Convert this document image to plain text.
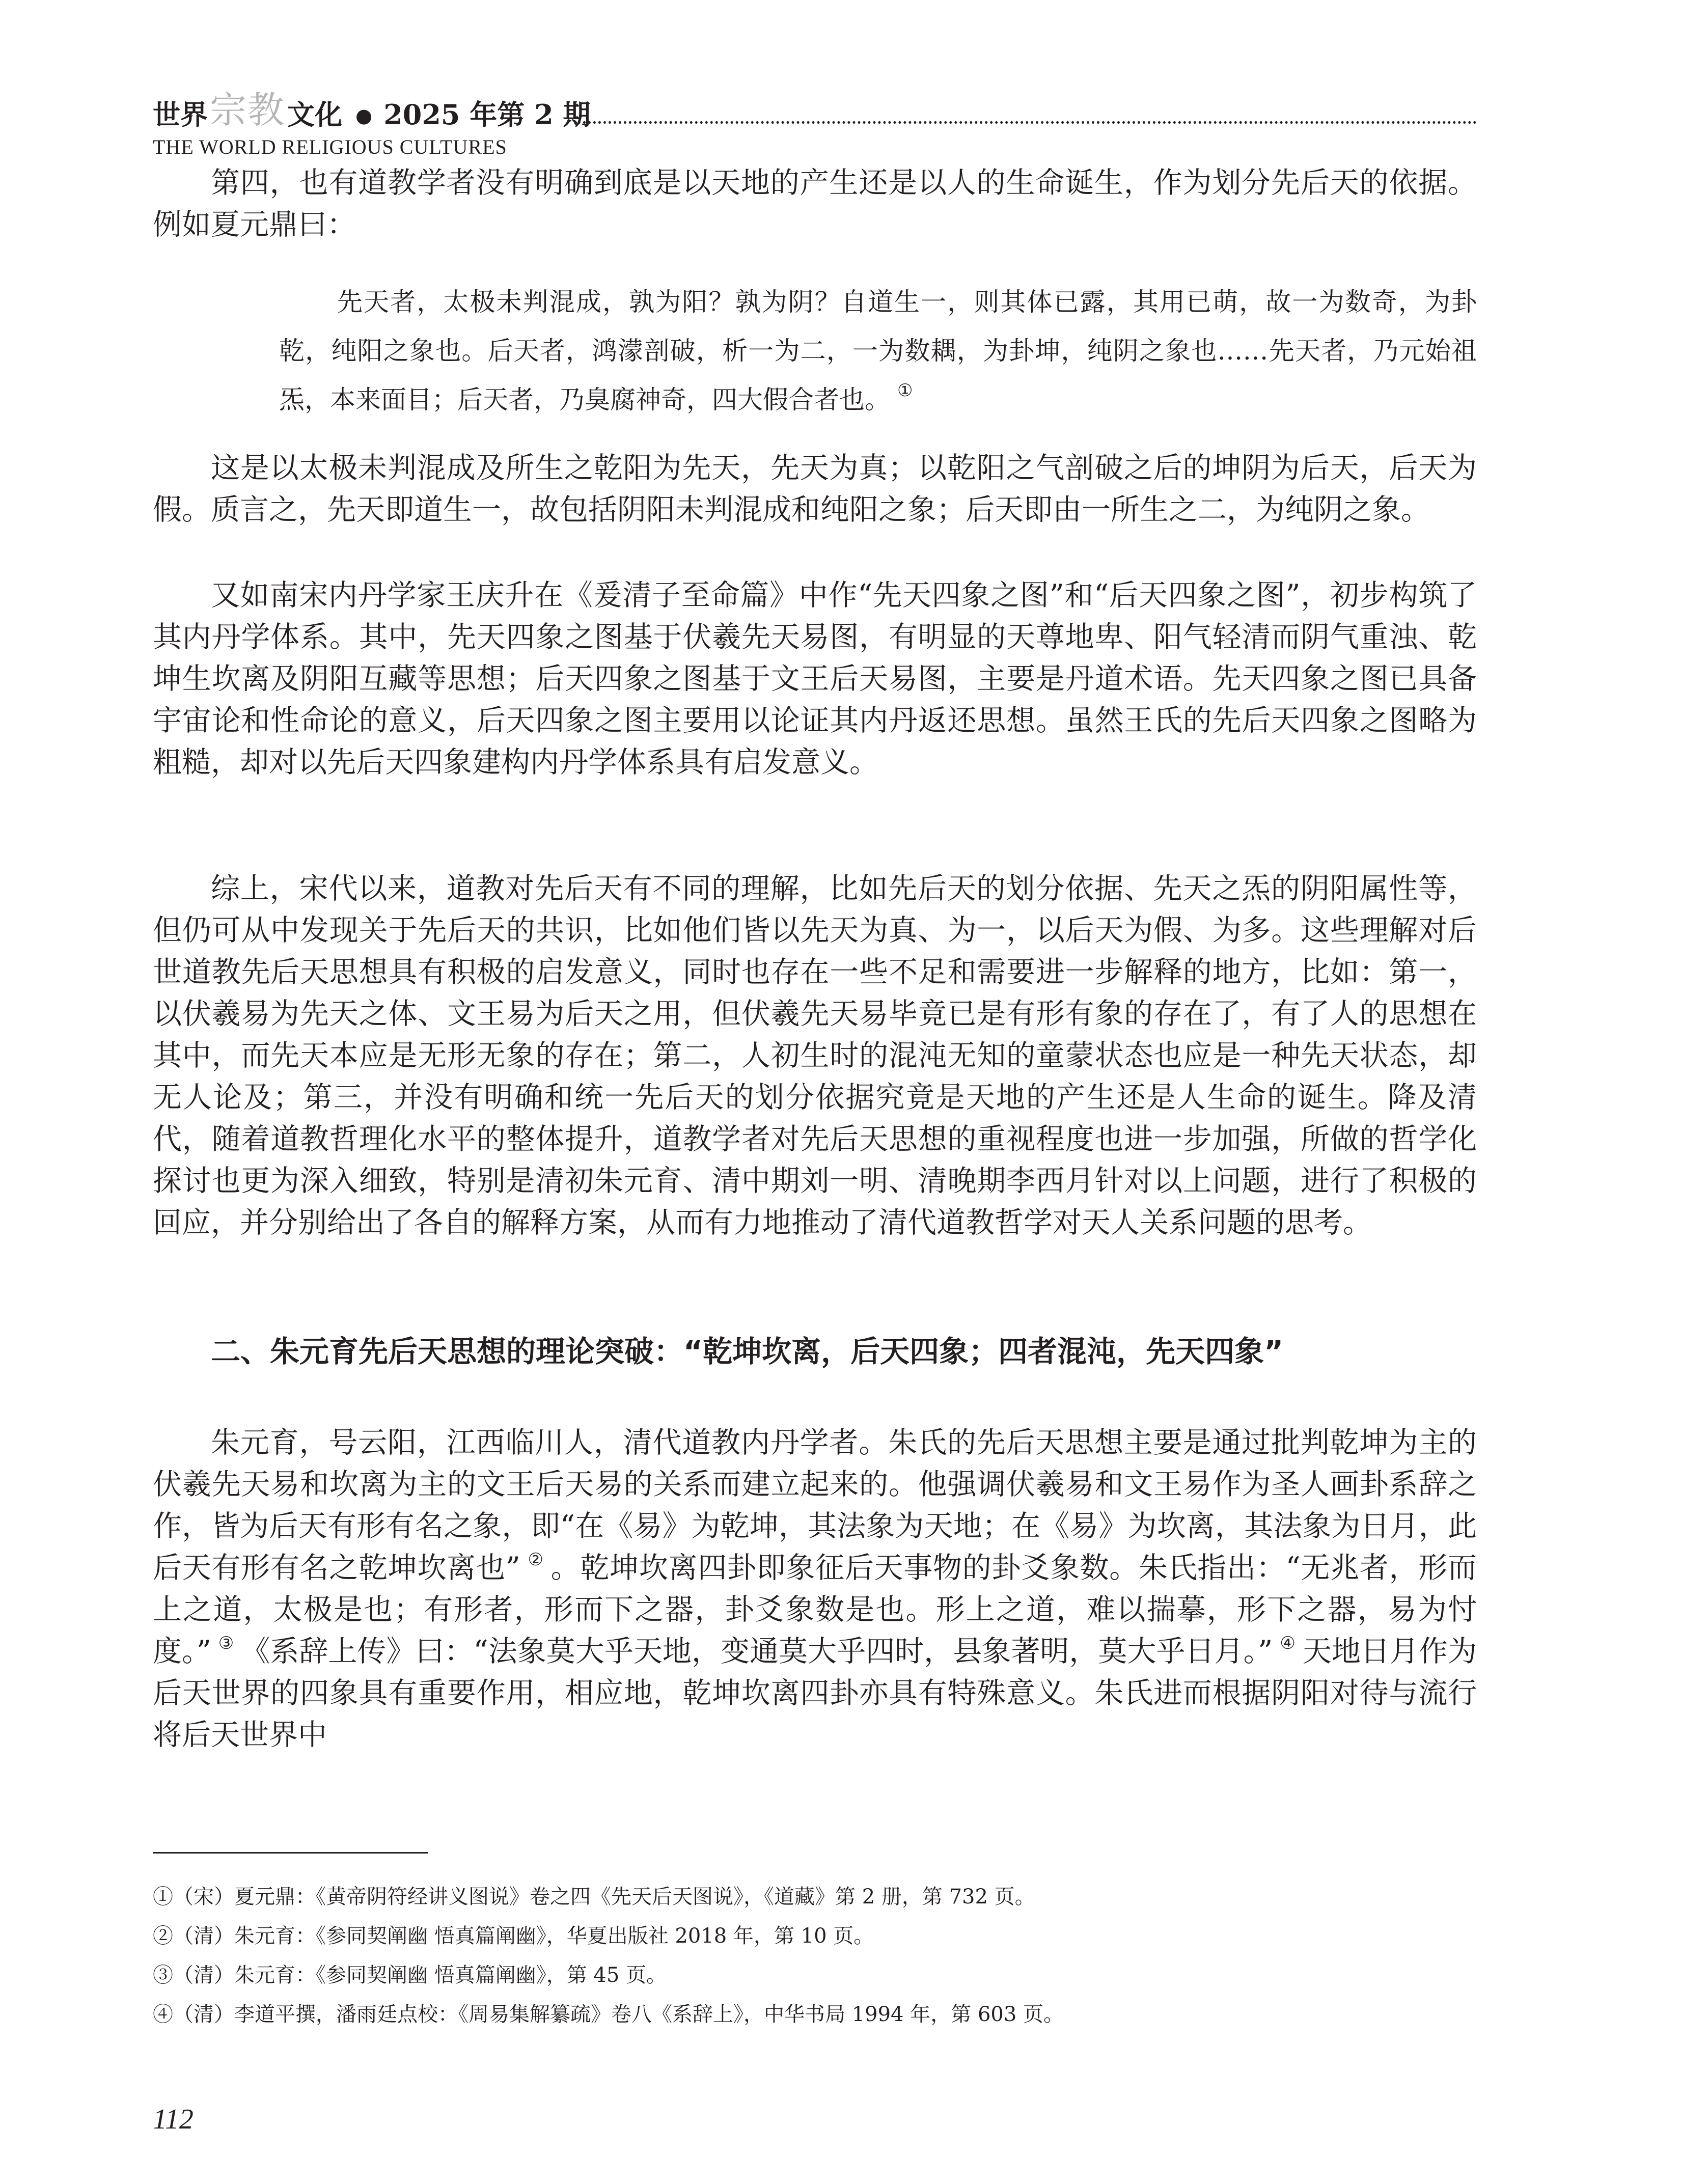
世界 宗教 文化 ● 2025 年第 2 期
THE WORLD RELIGIOUS CULTURES

第四，也有道教学者没有明确到底是以天地的产生还是以人的生命诞生，作为划分先后天的依据。例如夏元鼎曰：

先天者，太极未判混成，孰为阳？孰为阴？自道生一，则其体已露，其用已萌，故一为数奇，为卦乾，纯阳之象也。后天者，鸿濛剖破，析一为二，一为数耦，为卦坤，纯阴之象也……先天者，乃元始祖炁，本来面目；后天者，乃臭腐神奇，四大假合者也。 ①

这是以太极未判混成及所生之乾阳为先天，先天为真；以乾阳之气剖破之后的坤阴为后天，后天为假。质言之，先天即道生一，故包括阴阳未判混成和纯阳之象；后天即由一所生之二，为纯阴之象。

又如南宋内丹学家王庆升在《爰清子至命篇》中作“先天四象之图”和“后天四象之图”，初步构筑了其内丹学体系。其中，先天四象之图基于伏羲先天易图，有明显的天尊地卑、阳气轻清而阴气重浊、乾坤生坎离及阴阳互藏等思想；后天四象之图基于文王后天易图，主要是丹道术语。先天四象之图已具备宇宙论和性命论的意义，后天四象之图主要用以论证其内丹返还思想。虽然王氏的先后天四象之图略为粗糙，却对以先后天四象建构内丹学体系具有启发意义。

综上，宋代以来，道教对先后天有不同的理解，比如先后天的划分依据、先天之炁的阴阳属性等，但仍可从中发现关于先后天的共识，比如他们皆以先天为真、为一，以后天为假、为多。这些理解对后世道教先后天思想具有积极的启发意义，同时也存在一些不足和需要进一步解释的地方，比如：第一，以伏羲易为先天之体、文王易为后天之用，但伏羲先天易毕竟已是有形有象的存在了，有了人的思想在其中，而先天本应是无形无象的存在；第二，人初生时的混沌无知的童蒙状态也应是一种先天状态，却无人论及；第三，并没有明确和统一先后天的划分依据究竟是天地的产生还是人生命的诞生。降及清代，随着道教哲理化水平的整体提升，道教学者对先后天思想的重视程度也进一步加强，所做的哲学化探讨也更为深入细致，特别是清初朱元育、清中期刘一明、清晚期李西月针对以上问题，进行了积极的回应，并分别给出了各自的解释方案，从而有力地推动了清代道教哲学对天人关系问题的思考。

二、朱元育先后天思想的理论突破：“乾坤坎离，后天四象；四者混沌，先天四象”

朱元育，号云阳，江西临川人，清代道教内丹学者。朱氏的先后天思想主要是通过批判乾坤为主的伏羲先天易和坎离为主的文王后天易的关系而建立起来的。他强调伏羲易和文王易作为圣人画卦系辞之作，皆为后天有形有名之象，即“在《易》为乾坤，其法象为天地；在《易》为坎离，其法象为日月，此后天有形有名之乾坤坎离也” ② 。乾坤坎离四卦即象征后天事物的卦爻象数。朱氏指出：“无兆者，形而上之道，太极是也；有形者，形而下之器，卦爻象数是也。形上之道，难以揣摹，形下之器，易为忖度。” ③ 《系辞上传》曰：“法象莫大乎天地，变通莫大乎四时，县象著明，莫大乎日月。” ④ 天地日月作为后天世界的四象具有重要作用，相应地，乾坤坎离四卦亦具有特殊意义。朱氏进而根据阴阳对待与流行将后天世界中

①（宋）夏元鼎：《黄帝阴符经讲义图说》卷之四《先天后天图说》，《道藏》第 2 册，第 732 页。

②（清）朱元育：《参同契阐幽 悟真篇阐幽》，华夏出版社 2018 年，第 10 页。

③（清）朱元育：《参同契阐幽 悟真篇阐幽》，第 45 页。

④（清）李道平撰，潘雨廷点校：《周易集解纂疏》卷八《系辞上》，中华书局 1994 年，第 603 页。

112
